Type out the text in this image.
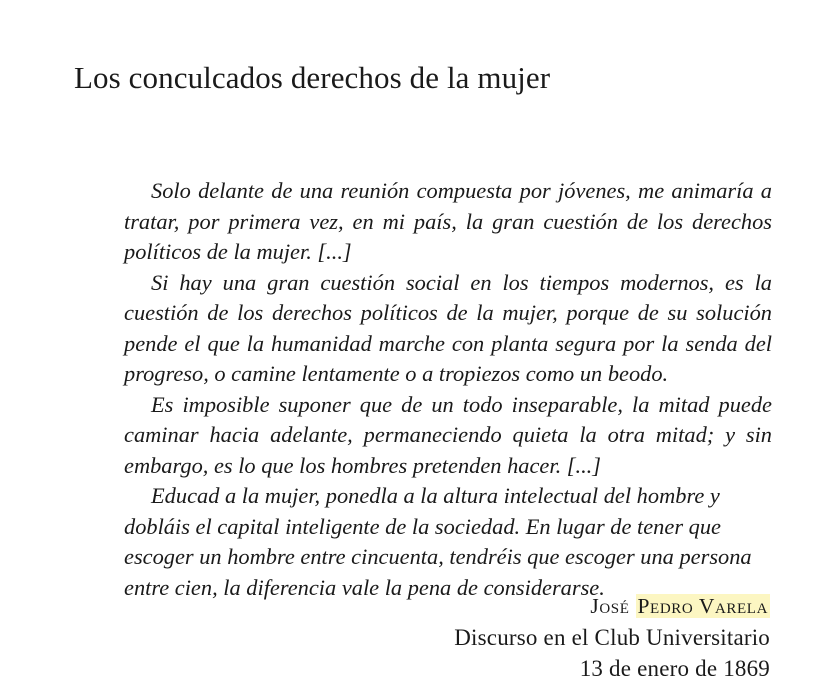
Los conculcados derechos de la mujer

Solo delante de una reunión compuesta por jóvenes, me animaría a tratar, por primera vez, en mi país, la gran cuestión de los derechos políticos de la mujer. [...]

Si hay una gran cuestión social en los tiempos modernos, es la cuestión de los derechos políticos de la mujer, porque de su solución pende el que la humanidad marche con planta segura por la senda del progreso, o camine lentamente o a tropiezos como un beodo.

Es imposible suponer que de un todo inseparable, la mitad puede caminar hacia adelante, permaneciendo quieta la otra mitad; y sin embargo, es lo que los hombres pretenden hacer. [...]

Educad a la mujer, ponedla a la altura intelectual del hombre y dobláis el capital inteligente de la sociedad. En lugar de tener que escoger un hombre entre cincuenta, tendréis que escoger una persona entre cien, la diferencia vale la pena de considerarse.

José Pedro Varela
Discurso en el Club Universitario
13 de enero de 1869
